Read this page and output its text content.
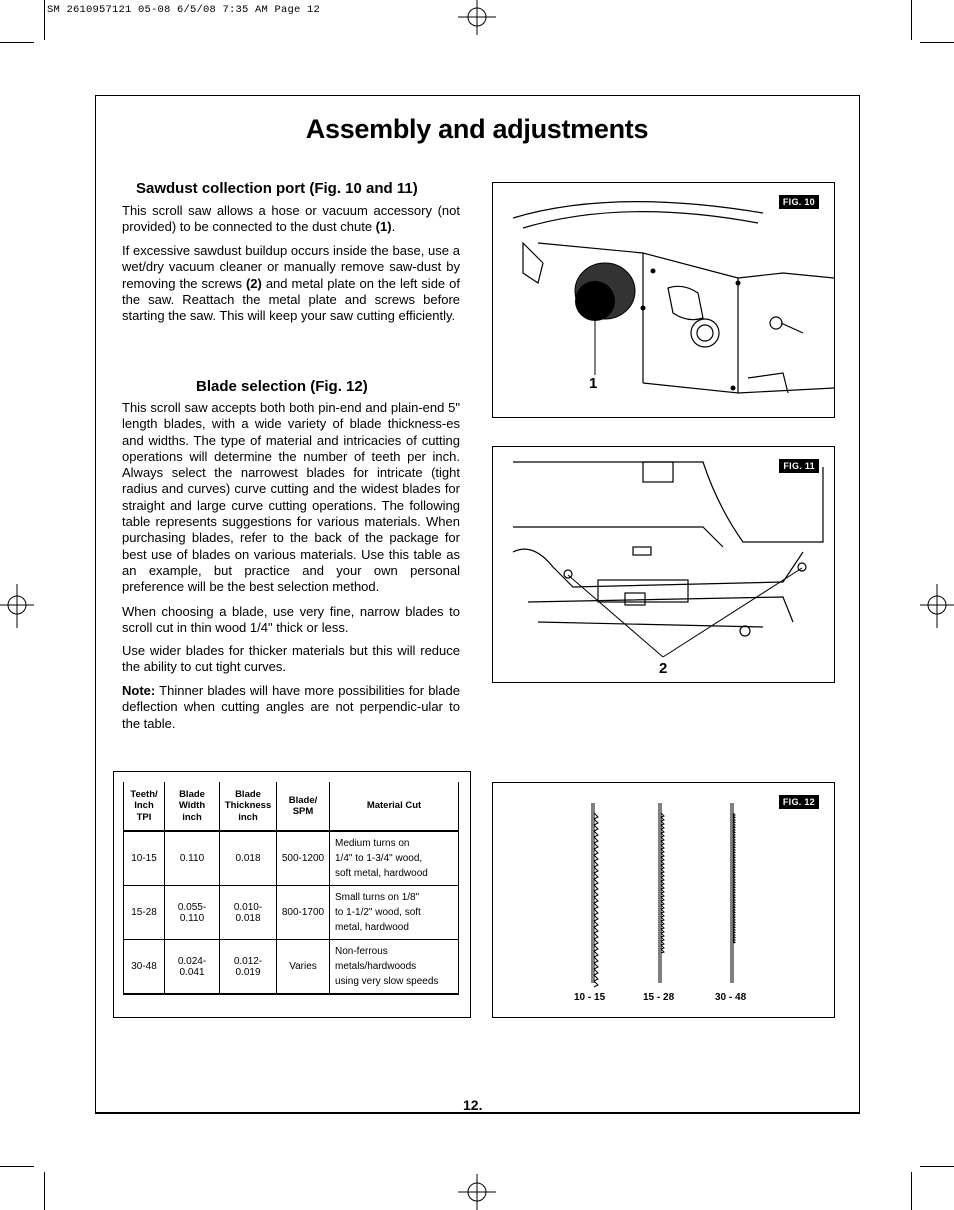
SM 2610957121 05-08 6/5/08 7:35 AM Page 12
Assembly and adjustments
Sawdust collection port (Fig. 10 and 11)

This scroll saw allows a hose or vacuum accessory (not provided) to be connected to the dust chute (1).

If excessive sawdust buildup occurs inside the base, use a wet/dry vacuum cleaner or manually remove saw-dust by removing the screws (2) and metal plate on the left side of the saw. Reattach the metal plate and screws before starting the saw. This will keep your saw cutting efficiently.

Blade selection (Fig. 12)

This scroll saw accepts both both pin-end and plain-end 5" length blades, with a wide variety of blade thickness-es and widths. The type of material and intricacies of cutting operations will determine the number of teeth per inch. Always select the narrowest blades for intricate (tight radius and curves) curve cutting and the widest blades for straight and large curve cutting operations. The following table represents suggestions for various materials. When purchasing blades, refer to the back of the package for best use of blades on various materials. Use this table as an example, but practice and your own personal preference will be the best selection method.

When choosing a blade, use very fine, narrow blades to scroll cut in thin wood 1/4" thick or less.

Use wider blades for thicker materials but this will reduce the ability to cut tight curves.

Note: Thinner blades will have more possibilities for blade deflection when cutting angles are not perpendic-ular to the table.

FIG. 10
1
FIG. 11
2
Teeth/
Inch
TPI	Blade
Width
inch	Blade
Thickness
inch	Blade/
SPM	Material Cut
10-15	0.110	0.018	500-1200	Medium turns on
1/4" to 1-3/4" wood,
soft metal, hardwood
15-28	0.055-0.110	0.010-0.018	800-1700	Small turns on 1/8"
to 1-1/2" wood, soft
metal, hardwood
30-48	0.024-0.041	0.012-0.019	Varies	Non-ferrous
metals/hardwoods
using very slow speeds
FIG. 12
10 - 15	15 - 28	30 - 48
12.
